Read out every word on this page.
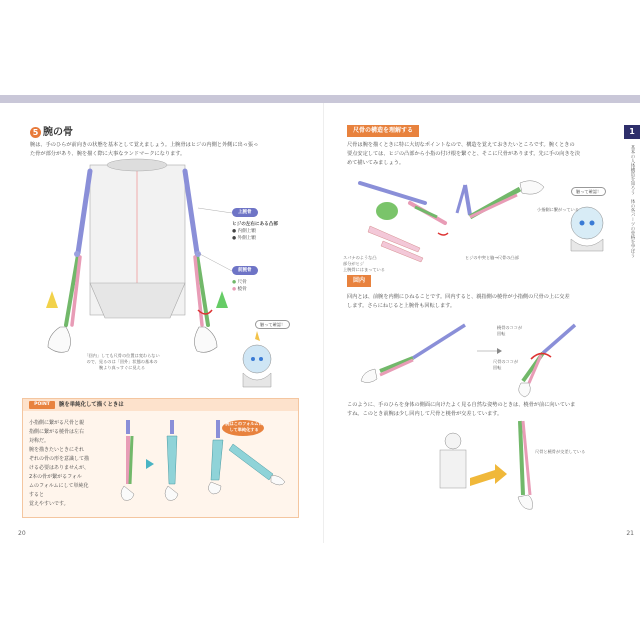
5 腕の骨
腕は、手のひらが前向きの状態を基本として覚えましょう。上腕骨はヒジの内側と外側に出っ張っ
た骨が部分があり、腕を描く際に大事なランドマークになります。
上腕骨
ヒジの左右にある凸部
● 内側上顆
● 外側上顆
前腕骨
● 尺骨
● 橈骨
触って確認！
「回内」しても尺骨の位置は変わらない
ので、見るのは「回外」状態の基本の
腕より真っすぐに見える
POINT	腕を単純化して描くときは
小指側に繋がる尺骨と親
指側に繋がる橈骨は左右
対称だ。
腕を描きたいときにそれ
ぞれの骨の形を意識して描
ける必要はありませんが、
2本の骨が繋がるフォル
ムのフォルムにして単純化すると
覚えやすいです。
腕はこのフォルムに
して単純化する
20
尺骨の構造を理解する
尺骨は腕を描くときに特に大切なポイントなので、構造を覚えておきたいところです。腕くときの
要点安定しては、ヒジの凸部から小指の付け根を繋ぐと、そこに尺骨があります。先に手の向きを決
めて描いてみましょう。
スパナのような凸
部分がヒジ
上腕骨にはまっている
小指側に繋がっている
ヒジの中突と脇→尺骨の凸部
触って確認！
回内
回内とは、前腕を内側にひねることです。回内すると、親指側の橈骨が小指側の尺骨の上に交差
します。さらにねじると上腕骨も回転します。
橈骨のココが
回転
尺骨のココが
回転
このように、手のひらを身体の側面に向けたよく見る自然な姿勢のときは、橈骨が前に向いていま
すね。このとき前腕は少し回内して尺骨と橈骨が交差しています。
尺骨と橈骨が交差している
1
基本の人体構造を知ろう　体の各パーツの骨格を学ぼう
21
